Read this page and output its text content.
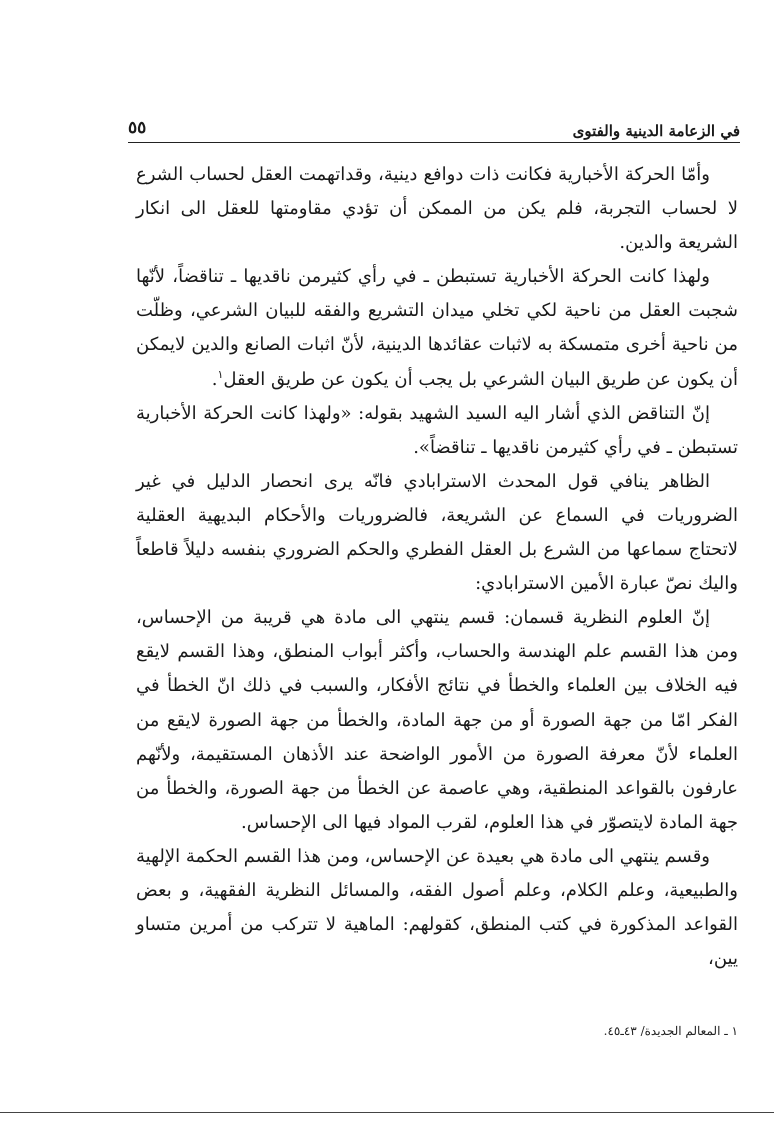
في الزعامة الدينية والفتوى
٥٥

وأمّا الحركة الأخبارية فكانت ذات دوافع دينية، وقداتهمت العقل لحساب الشرع لا لحساب التجربة، فلم يكن من الممكن أن تؤدي مقاومتها للعقل الى انكار الشريعة والدين.

ولهذا كانت الحركة الأخبارية تستبطن ـ في رأي كثيرمن ناقديها ـ تناقضاً، لأنّها شجبت العقل من ناحية لكي تخلي ميدان التشريع والفقه للبيان الشرعي، وظلّت من ناحية أخرى متمسكة به لاثبات عقائدها الدينية، لأنّ اثبات الصانع والدين لايمكن أن يكون عن طريق البيان الشرعي بل يجب أن يكون عن طريق العقل$^١$.

إنّ التناقض الذي أشار اليه السيد الشهيد بقوله: «ولهذا كانت الحركة الأخبارية تستبطن ـ في رأي كثيرمن ناقديها ـ تناقضاً».

الظاهر ينافي قول المحدث الاسترابادي فانّه يرى انحصار الدليل في غير الضروريات في السماع عن الشريعة، فالضروريات والأحكام البديهية العقلية لاتحتاج سماعها من الشرع بل العقل الفطري والحكم الضروري بنفسه دليلاً قاطعاً واليك نصّ عبارة الأمين الاسترابادي:

إنّ العلوم النظرية قسمان: قسم ينتهي الى مادة هي قريبة من الإحساس، ومن هذا القسم علم الهندسة والحساب، وأكثر أبواب المنطق، وهذا القسم لايقع فيه الخلاف بين العلماء والخطأ في نتائج الأفكار، والسبب في ذلك انّ الخطأ في الفكر امّا من جهة الصورة أو من جهة المادة، والخطأ من جهة الصورة لايقع من العلماء لأنّ معرفة الصورة من الأمور الواضحة عند الأذهان المستقيمة، ولأنّهم عارفون بالقواعد المنطقية، وهي عاصمة عن الخطأ من جهة الصورة، والخطأ من جهة المادة لايتصوّر في هذا العلوم، لقرب المواد فيها الى الإحساس.

وقسم ينتهي الى مادة هي بعيدة عن الإحساس، ومن هذا القسم الحكمة الإلهية والطبيعية، وعلم الكلام، وعلم أصول الفقه، والمسائل النظرية الفقهية، و بعض القواعد المذكورة في كتب المنطق، كقولهم: الماهية لا تتركب من أمرين متساو يين،

١ ـ المعالم الجديدة/ ٤٣ـ٤٥.
